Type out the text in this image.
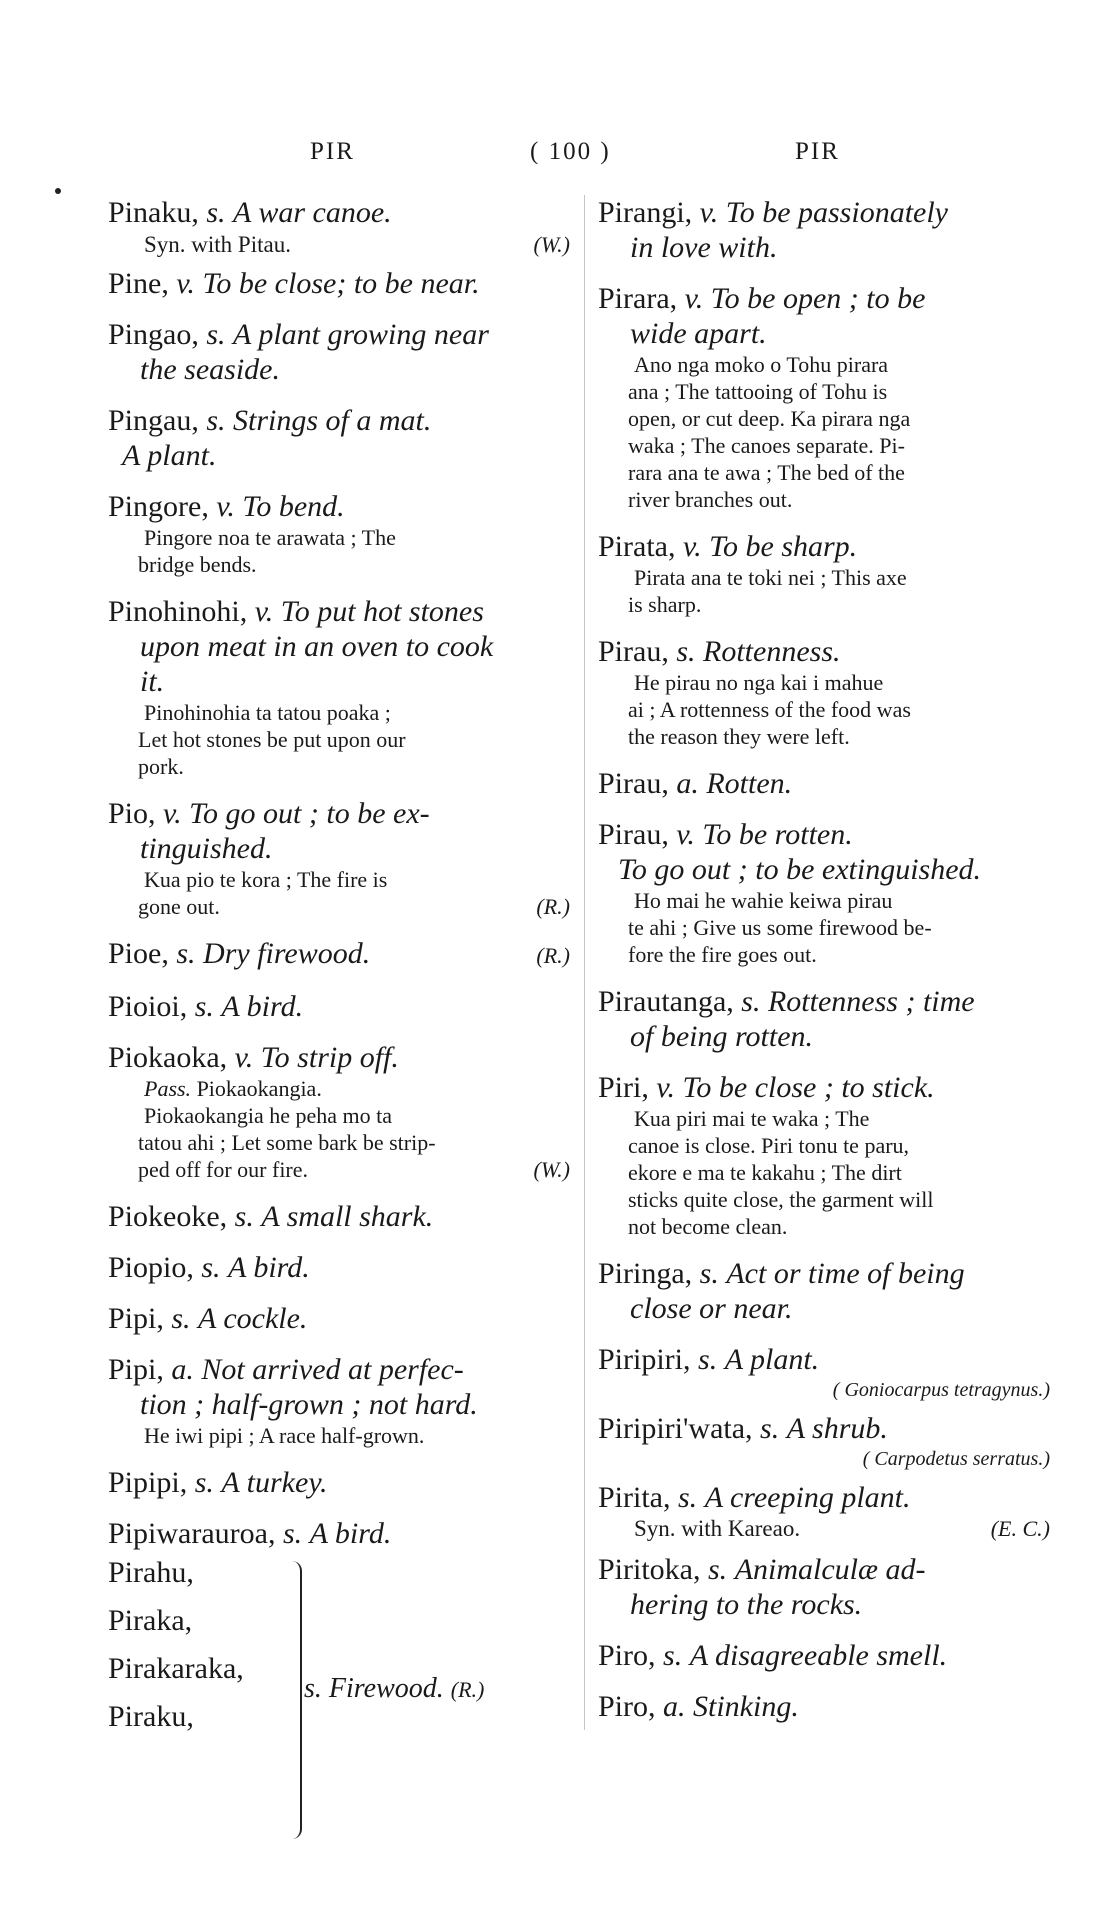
PIR	( 100 )	PIR
Pinaku, s. A war canoe.
Syn. with Pitau.	(W.)
Pine, v. To be close; to be near.
Pingao, s. A plant growing near
the seaside.
Pingau, s. Strings of a mat.
A plant.
Pingore, v. To bend.
Pingore noa te arawata ; The
bridge bends.
Pinohinohi, v. To put hot stones
upon meat in an oven to cook
it.
Pinohinohia ta tatou poaka ;
Let hot stones be put upon our
pork.
Pio, v. To go out ; to be ex-
tinguished.
Kua pio te kora ; The fire is
gone out.	(R.)
Pioe, s. Dry firewood.	(R.)
Pioioi, s. A bird.
Piokaoka, v. To strip off.
Pass. Piokaokangia.
Piokaokangia he peha mo ta
tatou ahi ; Let some bark be strip-
ped off for our fire.	(W.)
Piokeoke, s. A small shark.
Piopio, s. A bird.
Pipi, s. A cockle.
Pipi, a. Not arrived at perfec-
tion ; half-grown ; not hard.
He iwi pipi ; A race half-grown.
Pipipi, s. A turkey.
Pipiwarauroa, s. A bird.
Pirahu,
Piraka,
Pirakaraka,
Piraku,
s. Firewood. (R.)
Pirangi, v. To be passionately
in love with.
Pirara, v. To be open ; to be
wide apart.
Ano nga moko o Tohu pirara
ana ; The tattooing of Tohu is
open, or cut deep. Ka pirara nga
waka ; The canoes separate. Pi-
rara ana te awa ; The bed of the
river branches out.
Pirata, v. To be sharp.
Pirata ana te toki nei ; This axe
is sharp.
Pirau, s. Rottenness.
He pirau no nga kai i mahue
ai ; A rottenness of the food was
the reason they were left.
Pirau, a. Rotten.
Pirau, v. To be rotten.
To go out ; to be extinguished.
Ho mai he wahie keiwa pirau
te ahi ; Give us some firewood be-
fore the fire goes out.
Pirautanga, s. Rottenness ; time
of being rotten.
Piri, v. To be close ; to stick.
Kua piri mai te waka ; The
canoe is close. Piri tonu te paru,
ekore e ma te kakahu ; The dirt
sticks quite close, the garment will
not become clean.
Piringa, s. Act or time of being
close or near.
Piripiri, s. A plant.
( Goniocarpus tetragynus.)
Piripiri'wata, s. A shrub.
( Carpodetus serratus.)
Pirita, s. A creeping plant.
Syn. with Kareao.	(E. C.)
Piritoka, s. Animalculæ ad-
hering to the rocks.
Piro, s. A disagreeable smell.
Piro, a. Stinking.
